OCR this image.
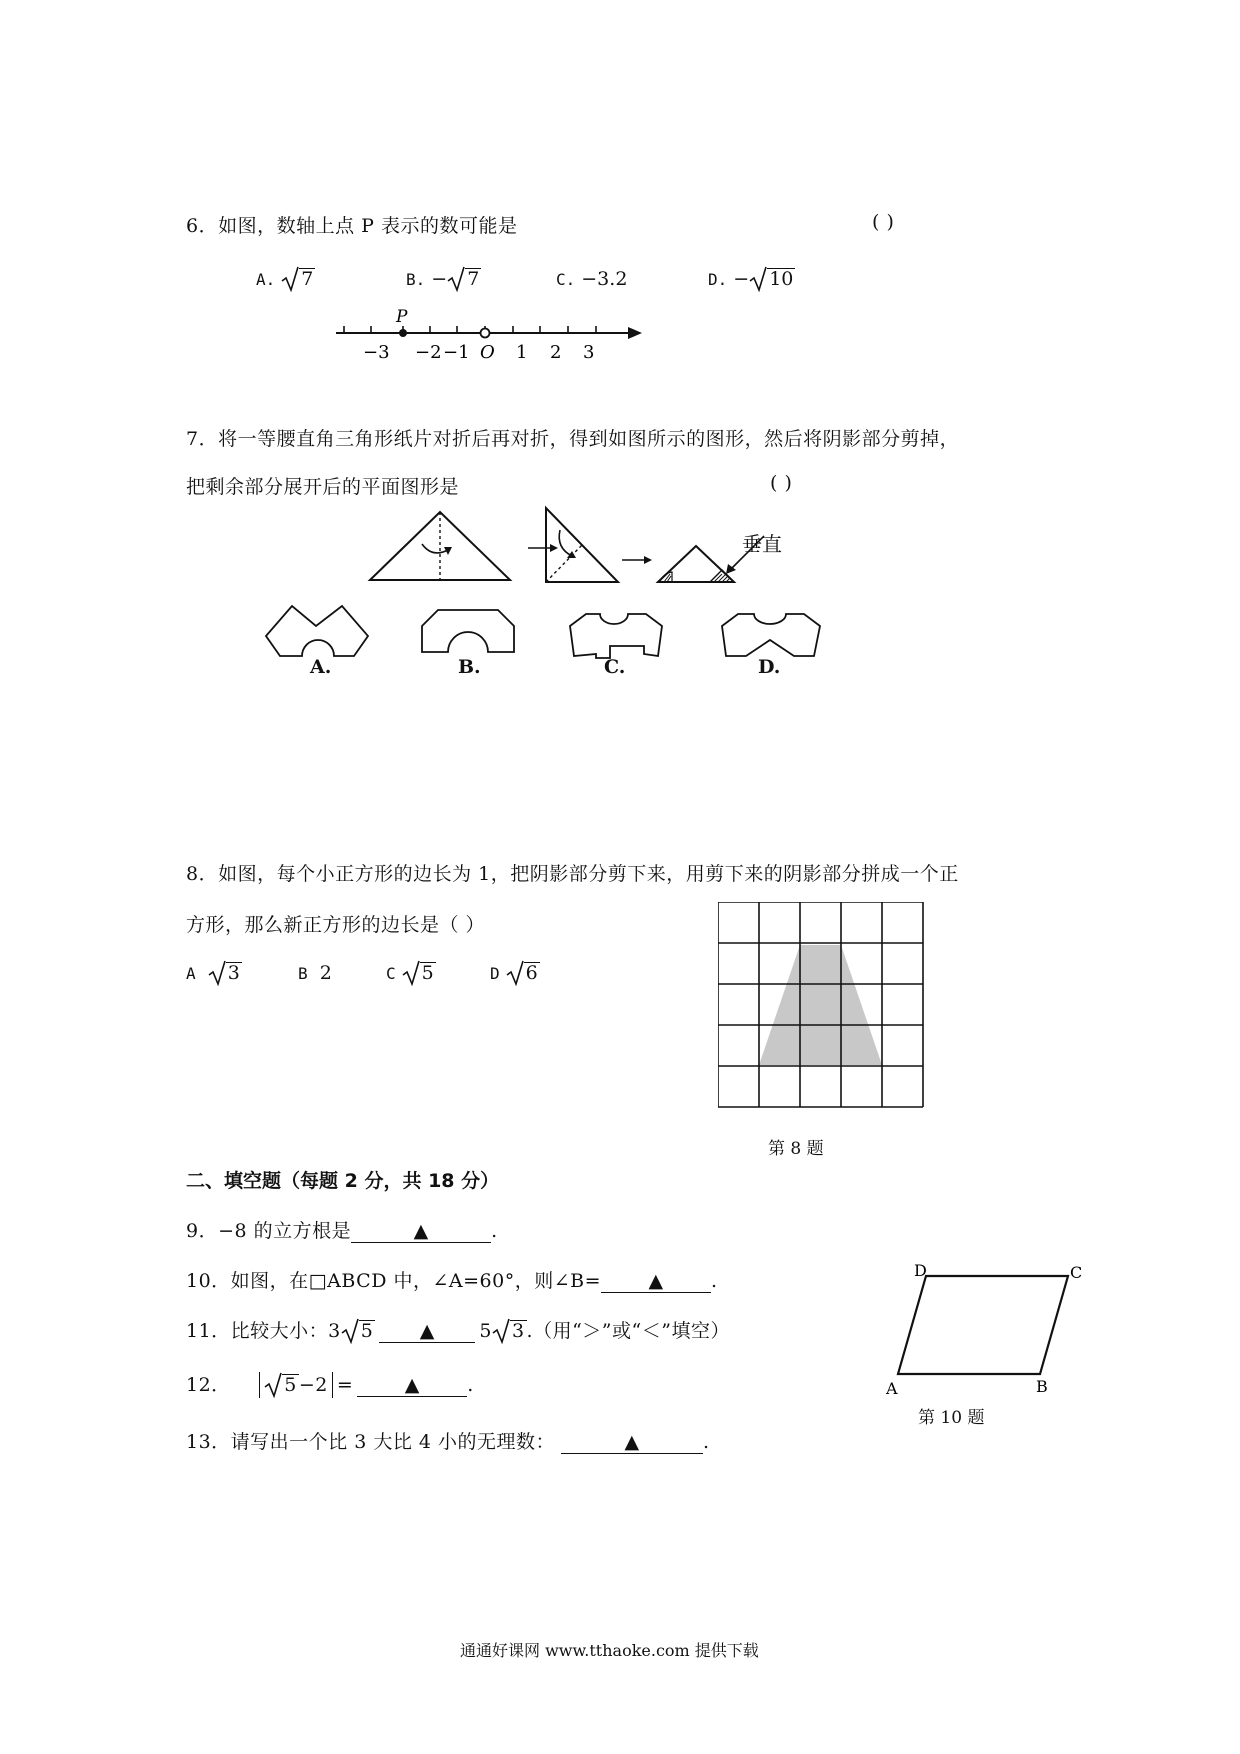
6．如图，数轴上点 P 表示的数可能是	( )
A. 7	B. − 7	C. −3.2	D. − 10
P
−3 −2 −1 O 1 2 3
7．将一等腰直角三角形纸片对折后再对折，得到如图所示的图形，然后将阴影部分剪掉，
把剩余部分展开后的平面图形是	( )
垂直
A.	B.	C.	D.
8．如图，每个小正方形的边长为 1，把阴影部分剪下来，用剪下来的阴影部分拼成一个正
方形，那么新正方形的边长是（ ）
A 3	B 2	C 5	D 6
第 8 题
二、填空题（每题 2 分，共 18 分）
9．−8 的立方根是	▲	.
10．如图，在□ABCD 中，∠A=60°，则∠B= ▲ .
11．比较大小：3 5 ▲ 5 3 .（用“＞”或“＜”填空）
12．	5 −2 =	▲ .
13．请写出一个比 3 大比 4 小的无理数：	▲	.
A	B
C
D
第 10 题
通通好课网 www.tthaoke.com 提供下载
